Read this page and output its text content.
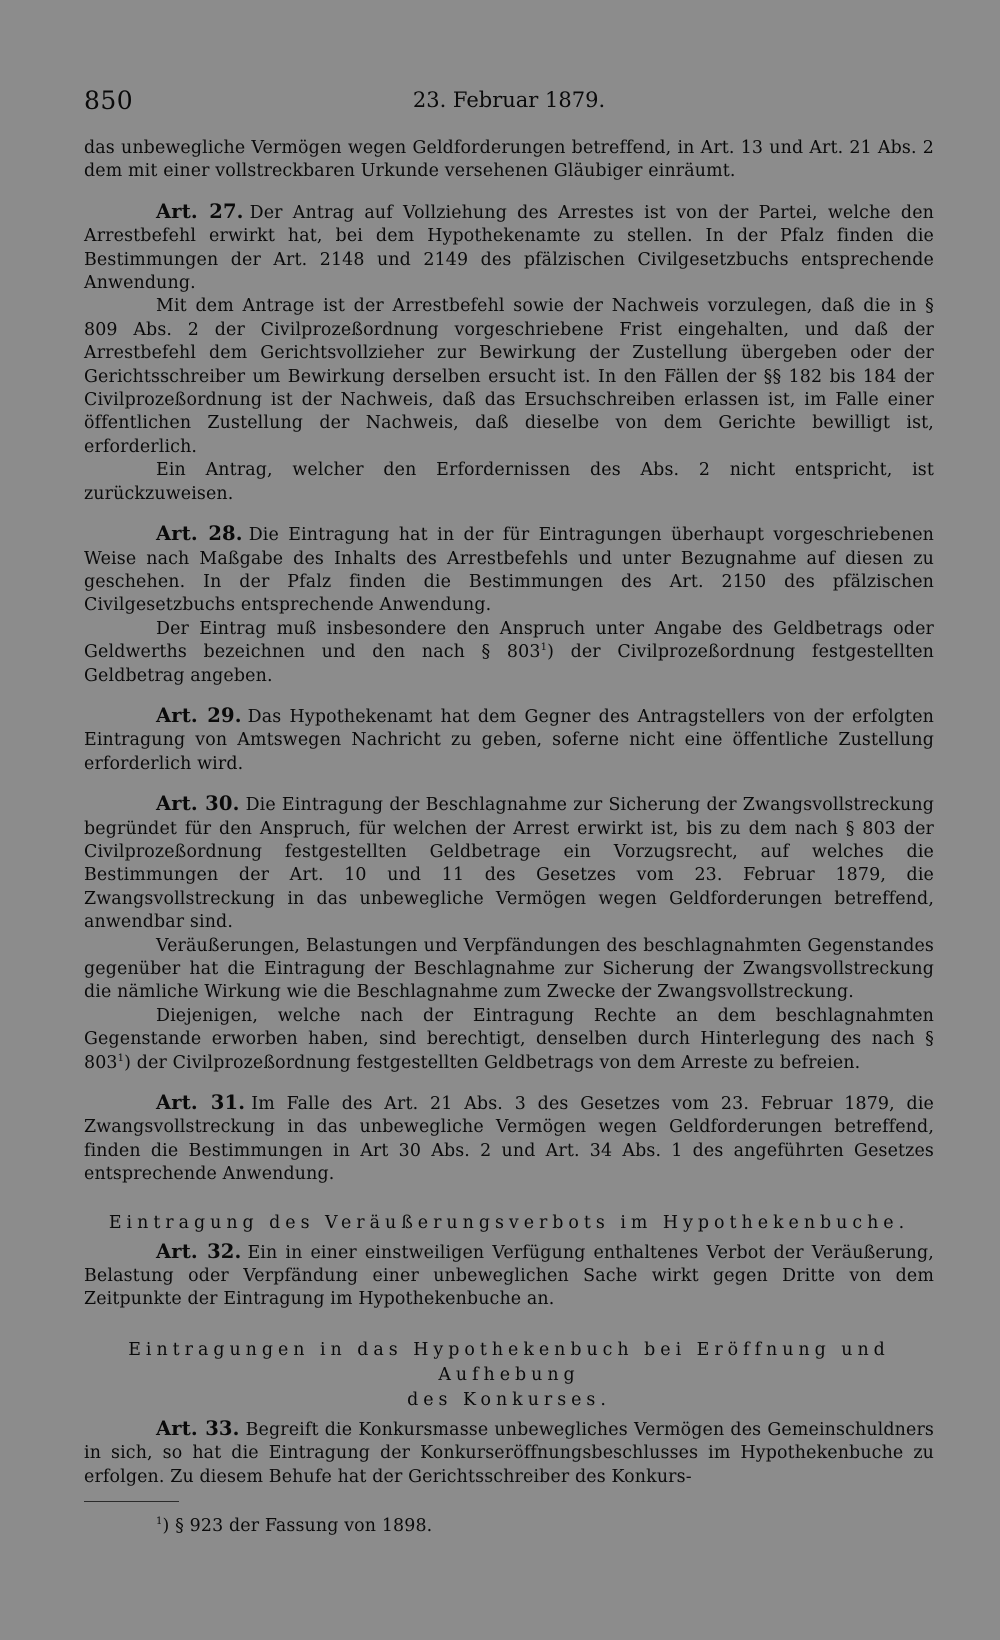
850	23. Februar 1879.

das unbewegliche Vermögen wegen Geldforderungen betreffend, in Art. 13 und Art. 21 Abs. 2 dem mit einer vollstreckbaren Urkunde versehenen Gläubiger einräumt.

Art. 27. Der Antrag auf Vollziehung des Arrestes ist von der Partei, welche den Arrestbefehl erwirkt hat, bei dem Hypothekenamte zu stellen. In der Pfalz finden die Bestimmungen der Art. 2148 und 2149 des pfälzischen Civilgesetzbuchs entsprechende Anwendung.

Mit dem Antrage ist der Arrestbefehl sowie der Nachweis vorzulegen, daß die in § 809 Abs. 2 der Civilprozeßordnung vorgeschriebene Frist eingehalten, und daß der Arrestbefehl dem Gerichtsvollzieher zur Bewirkung der Zustellung übergeben oder der Gerichtsschreiber um Bewirkung derselben ersucht ist. In den Fällen der §§ 182 bis 184 der Civilprozeßordnung ist der Nachweis, daß das Ersuchschreiben erlassen ist, im Falle einer öffentlichen Zustellung der Nachweis, daß dieselbe von dem Gerichte bewilligt ist, erforderlich.

Ein Antrag, welcher den Erfordernissen des Abs. 2 nicht entspricht, ist zurückzuweisen.

Art. 28. Die Eintragung hat in der für Eintragungen überhaupt vorgeschriebenen Weise nach Maßgabe des Inhalts des Arrestbefehls und unter Bezugnahme auf diesen zu geschehen. In der Pfalz finden die Bestimmungen des Art. 2150 des pfälzischen Civilgesetzbuchs entsprechende Anwendung.

Der Eintrag muß insbesondere den Anspruch unter Angabe des Geldbetrags oder Geldwerths bezeichnen und den nach § $803^1$) der Civilprozeßordnung festgestellten Geldbetrag angeben.

Art. 29. Das Hypothekenamt hat dem Gegner des Antragstellers von der erfolgten Eintragung von Amtswegen Nachricht zu geben, soferne nicht eine öffentliche Zustellung erforderlich wird.

Art. 30. Die Eintragung der Beschlagnahme zur Sicherung der Zwangsvollstreckung begründet für den Anspruch, für welchen der Arrest erwirkt ist, bis zu dem nach § 803 der Civilprozeßordnung festgestellten Geldbetrage ein Vorzugsrecht, auf welches die Bestimmungen der Art. 10 und 11 des Gesetzes vom 23. Februar 1879, die Zwangsvollstreckung in das unbewegliche Vermögen wegen Geldforderungen betreffend, anwendbar sind.

Veräußerungen, Belastungen und Verpfändungen des beschlagnahmten Gegenstandes gegenüber hat die Eintragung der Beschlagnahme zur Sicherung der Zwangsvollstreckung die nämliche Wirkung wie die Beschlagnahme zum Zwecke der Zwangsvollstreckung.

Diejenigen, welche nach der Eintragung Rechte an dem beschlagnahmten Gegenstande erworben haben, sind berechtigt, denselben durch Hinterlegung des nach § $803^1$) der Civilprozeßordnung festgestellten Geldbetrags von dem Arreste zu befreien.

Art. 31. Im Falle des Art. 21 Abs. 3 des Gesetzes vom 23. Februar 1879, die Zwangsvollstreckung in das unbewegliche Vermögen wegen Geldforderungen betreffend, finden die Bestimmungen in Art 30 Abs. 2 und Art. 34 Abs. 1 des angeführten Gesetzes entsprechende Anwendung.

Eintragung des Veräußerungsverbots im Hypothekenbuche.

Art. 32. Ein in einer einstweiligen Verfügung enthaltenes Verbot der Veräußerung, Belastung oder Verpfändung einer unbeweglichen Sache wirkt gegen Dritte von dem Zeitpunkte der Eintragung im Hypothekenbuche an.

Eintragungen in das Hypothekenbuch bei Eröffnung und Aufhebung
des Konkurses.

Art. 33. Begreift die Konkursmasse unbewegliches Vermögen des Gemeinschuldners in sich, so hat die Eintragung der Konkurseröffnungsbeschlusses im Hypothekenbuche zu erfolgen. Zu diesem Behufe hat der Gerichtsschreiber des Konkurs-

$^1$) § 923 der Fassung von 1898.
